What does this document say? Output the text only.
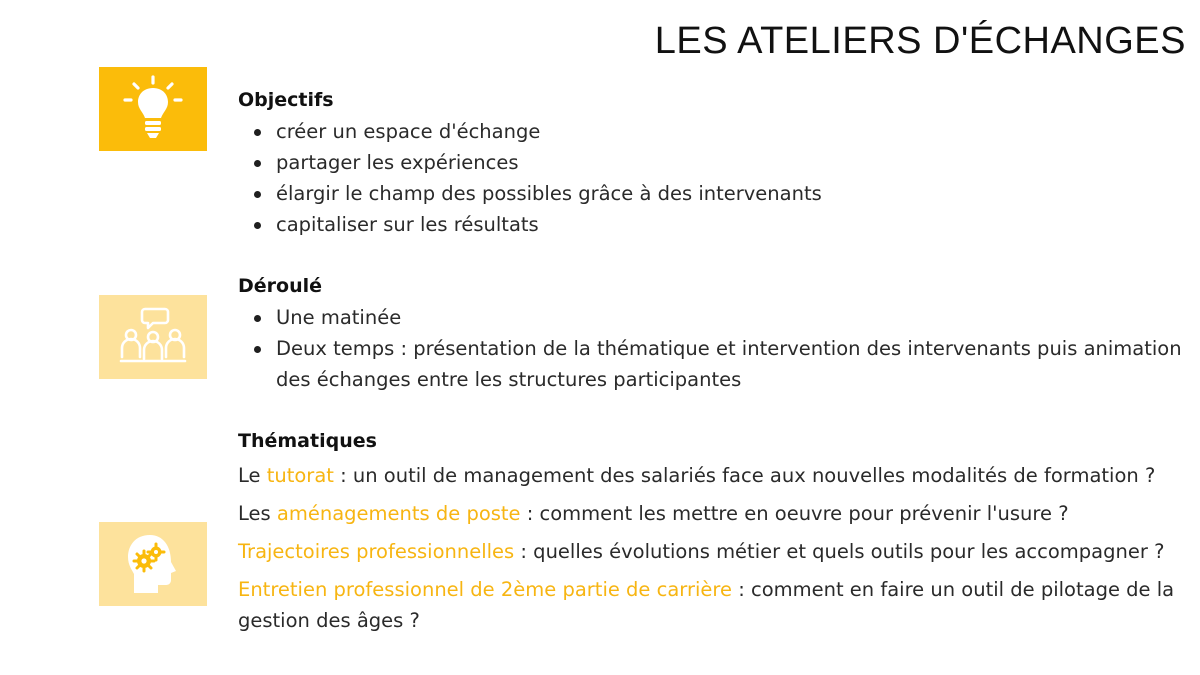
LES ATELIERS D'ÉCHANGES
Objectifs
créer un espace d'échange
partager les expériences
élargir le champ des possibles grâce à des intervenants
capitaliser sur les résultats
Déroulé
Une matinée
Deux temps : présentation de la thématique et intervention des intervenants puis animation des échanges entre les structures participantes
Thématiques
Le tutorat : un outil de management des salariés face aux nouvelles modalités de formation ?
Les aménagements de poste : comment les mettre en oeuvre pour prévenir l'usure ?
Trajectoires professionnelles : quelles évolutions métier et quels outils pour les accompagner ?
Entretien professionnel de 2ème partie de carrière : comment en faire un outil de pilotage de la gestion des âges ?
